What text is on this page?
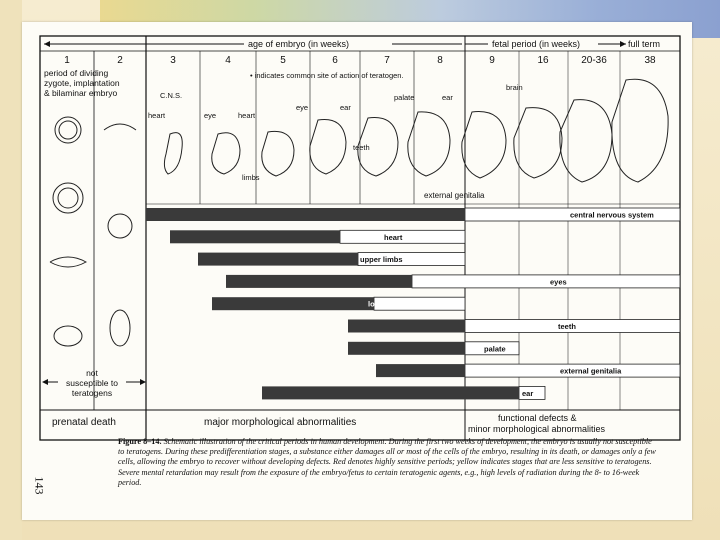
age of embryo (in weeks)	fetal period (in weeks)	full term
1	2	3	4	5	6	7	8	9	16	20-36	38
period of dividing
zygote, implantation
& bilaminar embryo
• indicates common site of action of teratogen.
C.N.S.
heart	eye	heart
eye	ear
limbs
teeth
palate	ear
brain
external genitalia
central nervous system
heart
upper limbs
eyes
lower limbs
teeth
palate
external genitalia
ear
not
susceptible to
teratogens
prenatal death	major morphological abnormalities	functional defects &
minor morphological abnormalities
Figure 8–14. Schematic illustration of the critical periods in human development. During the first two weeks of development, the embryo is usually not susceptible to teratogens. During these predifferentiation stages, a substance either damages all or most of the cells of the embryo, resulting in its death, or damages only a few cells, allowing the embryo to recover without developing defects. Red denotes highly sensitive periods; yellow indicates stages that are less sensitive to teratogens. Severe mental retardation may result from the exposure of the embryo/fetus to certain teratogenic agents, e.g., high levels of radiation during the 8- to 16-week period.
143
